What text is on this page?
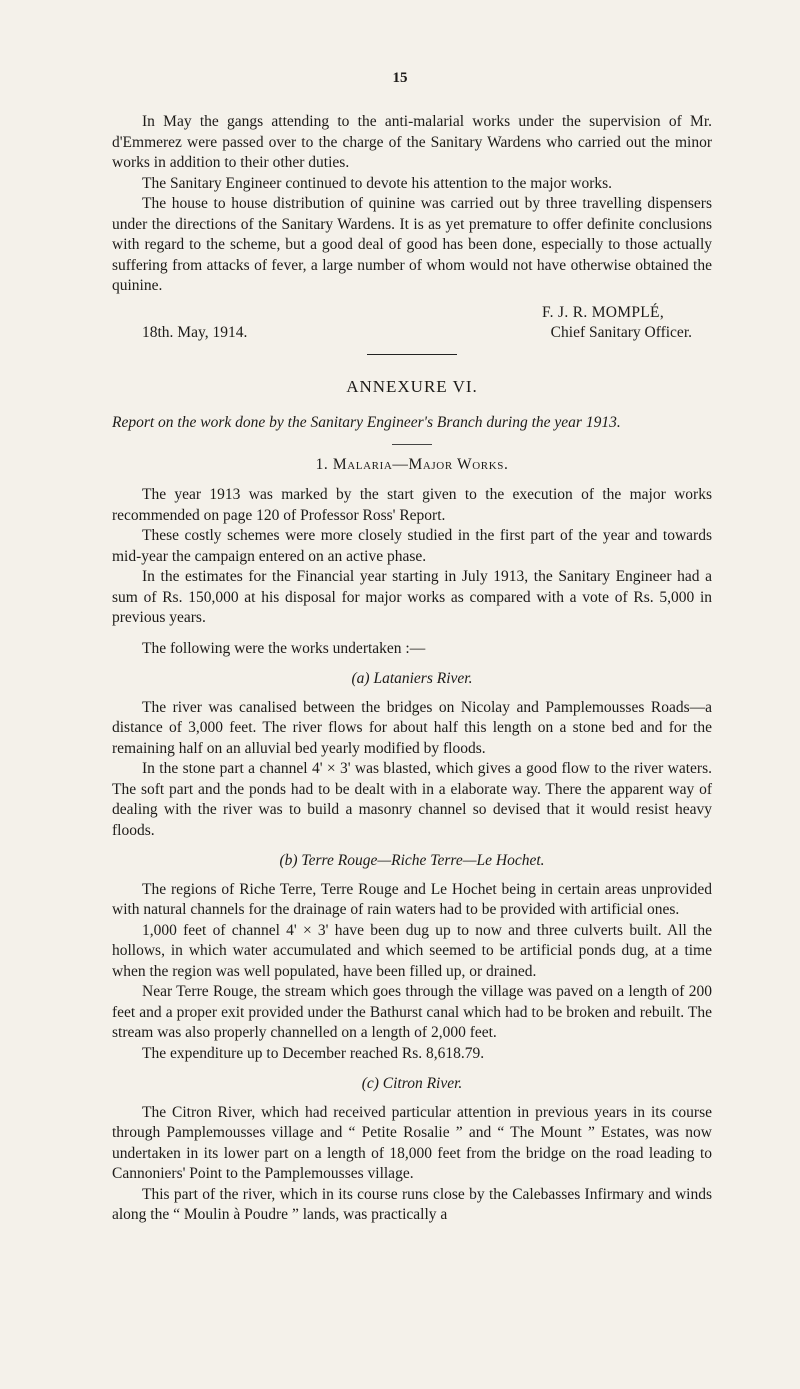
15

In May the gangs attending to the anti-malarial works under the supervision of Mr. d'Emmerez were passed over to the charge of the Sanitary Wardens who carried out the minor works in addition to their other duties.

The Sanitary Engineer continued to devote his attention to the major works.

The house to house distribution of quinine was carried out by three travelling dispensers under the directions of the Sanitary Wardens. It is as yet premature to offer definite conclusions with regard to the scheme, but a good deal of good has been done, especially to those actually suffering from attacks of fever, a large number of whom would not have otherwise obtained the quinine.

F. J. R. MOMPLÉ,
18th. May, 1914.	Chief Sanitary Officer.
ANNEXURE VI.

Report on the work done by the Sanitary Engineer's Branch during the year 1913.

1. Malaria—Major Works.

The year 1913 was marked by the start given to the execution of the major works recommended on page 120 of Professor Ross' Report.

These costly schemes were more closely studied in the first part of the year and towards mid-year the campaign entered on an active phase.

In the estimates for the Financial year starting in July 1913, the Sanitary Engineer had a sum of Rs. 150,000 at his disposal for major works as compared with a vote of Rs. 5,000 in previous years.

The following were the works undertaken :—

(a) Lataniers River.

The river was canalised between the bridges on Nicolay and Pamplemousses Roads—a distance of 3,000 feet. The river flows for about half this length on a stone bed and for the remaining half on an alluvial bed yearly modified by floods.

In the stone part a channel 4' × 3' was blasted, which gives a good flow to the river waters. The soft part and the ponds had to be dealt with in a elaborate way. There the apparent way of dealing with the river was to build a masonry channel so devised that it would resist heavy floods.

(b) Terre Rouge—Riche Terre—Le Hochet.

The regions of Riche Terre, Terre Rouge and Le Hochet being in certain areas unprovided with natural channels for the drainage of rain waters had to be provided with artificial ones.

1,000 feet of channel 4' × 3' have been dug up to now and three culverts built. All the hollows, in which water accumulated and which seemed to be artificial ponds dug, at a time when the region was well populated, have been filled up, or drained.

Near Terre Rouge, the stream which goes through the village was paved on a length of 200 feet and a proper exit provided under the Bathurst canal which had to be broken and rebuilt. The stream was also properly channelled on a length of 2,000 feet.

The expenditure up to December reached Rs. 8,618.79.

(c) Citron River.

The Citron River, which had received particular attention in previous years in its course through Pamplemousses village and “ Petite Rosalie ” and “ The Mount ” Estates, was now undertaken in its lower part on a length of 18,000 feet from the bridge on the road leading to Cannoniers' Point to the Pamplemousses village.

This part of the river, which in its course runs close by the Calebasses Infirmary and winds along the “ Moulin à Poudre ” lands, was practically a
